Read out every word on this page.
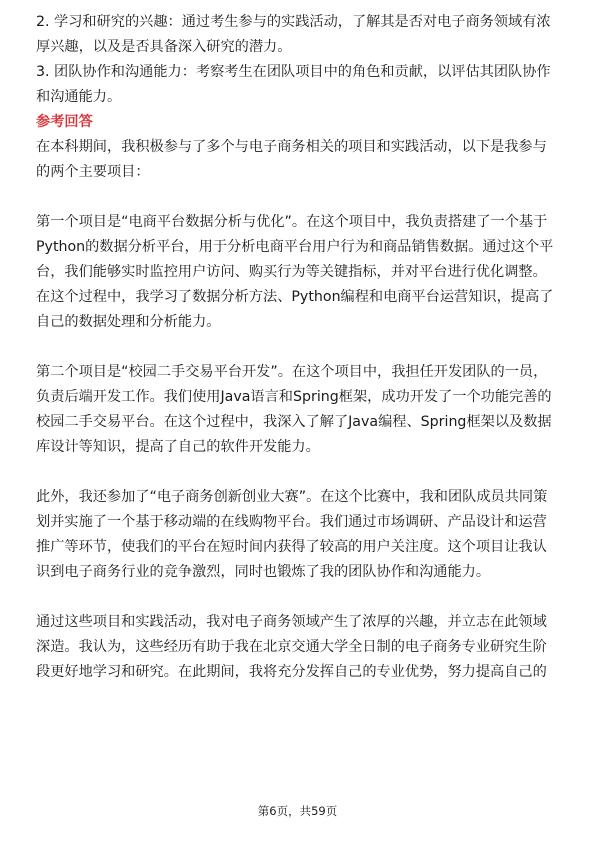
2. 学习和研究的兴趣：通过考生参与的实践活动，了解其是否对电子商务领域有浓
厚兴趣，以及是否具备深入研究的潜力。
3. 团队协作和沟通能力：考察考生在团队项目中的角色和贡献，以评估其团队协作
和沟通能力。
参考回答
在本科期间，我积极参与了多个与电子商务相关的项目和实践活动，以下是我参与
的两个主要项目：
第一个项目是“电商平台数据分析与优化”。在这个项目中，我负责搭建了一个基于
Python的数据分析平台，用于分析电商平台用户行为和商品销售数据。通过这个平
台，我们能够实时监控用户访问、购买行为等关键指标，并对平台进行优化调整。
在这个过程中，我学习了数据分析方法、Python编程和电商平台运营知识，提高了
自己的数据处理和分析能力。
第二个项目是“校园二手交易平台开发”。在这个项目中，我担任开发团队的一员，
负责后端开发工作。我们使用Java语言和Spring框架，成功开发了一个功能完善的
校园二手交易平台。在这个过程中，我深入了解了Java编程、Spring框架以及数据
库设计等知识，提高了自己的软件开发能力。
此外，我还参加了“电子商务创新创业大赛”。在这个比赛中，我和团队成员共同策
划并实施了一个基于移动端的在线购物平台。我们通过市场调研、产品设计和运营
推广等环节，使我们的平台在短时间内获得了较高的用户关注度。这个项目让我认
识到电子商务行业的竞争激烈，同时也锻炼了我的团队协作和沟通能力。
通过这些项目和实践活动，我对电子商务领域产生了浓厚的兴趣，并立志在此领域
深造。我认为，这些经历有助于我在北京交通大学全日制的电子商务专业研究生阶
段更好地学习和研究。在此期间，我将充分发挥自己的专业优势，努力提高自己的
第6页，共59页
